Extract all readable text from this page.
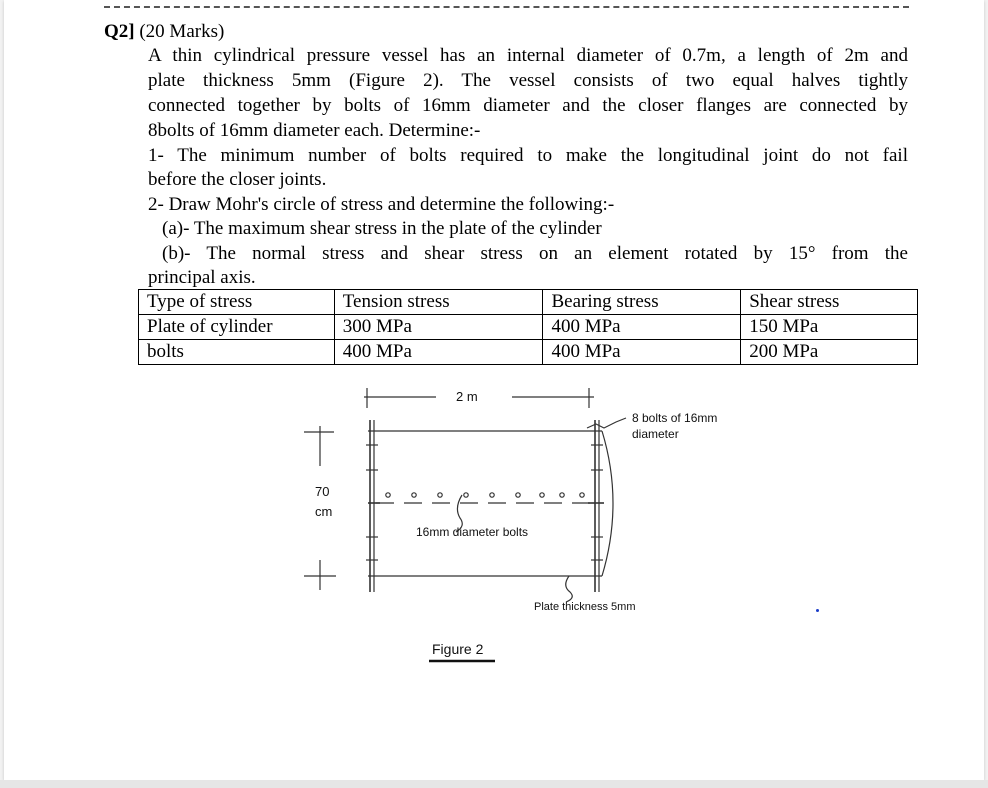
Q2] (20 Marks)
A thin cylindrical pressure vessel has an internal diameter of 0.7m, a length of 2m and
plate thickness 5mm (Figure 2). The vessel consists of two equal halves tightly
connected together by bolts of 16mm diameter and the closer flanges are connected by
8bolts of 16mm diameter each. Determine:-
1- The minimum number of bolts required to make the longitudinal joint do not fail
before the closer joints.
2- Draw Mohr's circle of stress and determine the following:-
(a)- The maximum shear stress in the plate of the cylinder
(b)- The normal stress and shear stress on an element rotated by 15° from the
principal axis.
Type of stress	Tension stress	Bearing stress	Shear stress
Plate of cylinder	300 MPa	400 MPa	150 MPa
bolts	400 MPa	400 MPa	200 MPa
2 m
70
cm
8 bolts of 16mm
diameter
16mm diameter bolts
Plate thickness 5mm
Figure 2
